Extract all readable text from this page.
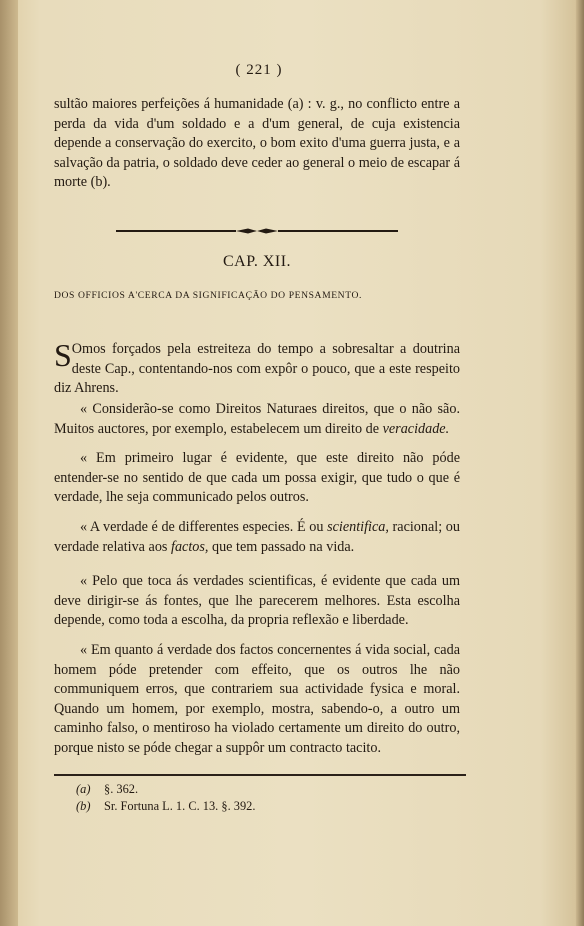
( 221 )
sultão maiores perfeições á humanidade (a) : v. g., no conflicto entre a perda da vida d'um soldado e a d'um general, de cuja existencia depende a conservação do exercito, o bom exito d'uma guerra justa, e a salvação da patria, o soldado deve ceder ao general o meio de escapar á morte (b).
CAP. XII.
DOS OFFICIOS A'CERCA DA SIGNIFICAÇÃO DO PENSAMENTO.
S Omos forçados pela estreiteza do tempo a sobresaltar a doutrina deste Cap., contentando-nos com expôr o pouco, que a este respeito diz Ahrens.
« Considerão-se como Direitos Naturaes direitos, que o não são. Muitos auctores, por exemplo, estabelecem um direito de veracidade.
« Em primeiro lugar é evidente, que este direito não póde entender-se no sentido de que cada um possa exigir, que tudo o que é verdade, lhe seja communicado pelos outros.
« A verdade é de differentes especies. É ou scientifica, racional; ou verdade relativa aos factos, que tem passado na vida.
« Pelo que toca ás verdades scientificas, é evidente que cada um deve dirigir-se ás fontes, que lhe parecerem melhores. Esta escolha depende, como toda a escolha, da propria reflexão e liberdade.
« Em quanto á verdade dos factos concernentes á vida social, cada homem póde pretender com effeito, que os outros lhe não communiquem erros, que contrariem sua actividade fysica e moral. Quando um homem, por exemplo, mostra, sabendo-o, a outro um caminho falso, o mentiroso ha violado certamente um direito do outro, porque nisto se póde chegar a suppôr um contracto tacito.
(a) §. 362.
(b) Sr. Fortuna L. 1. C. 13. §. 392.
